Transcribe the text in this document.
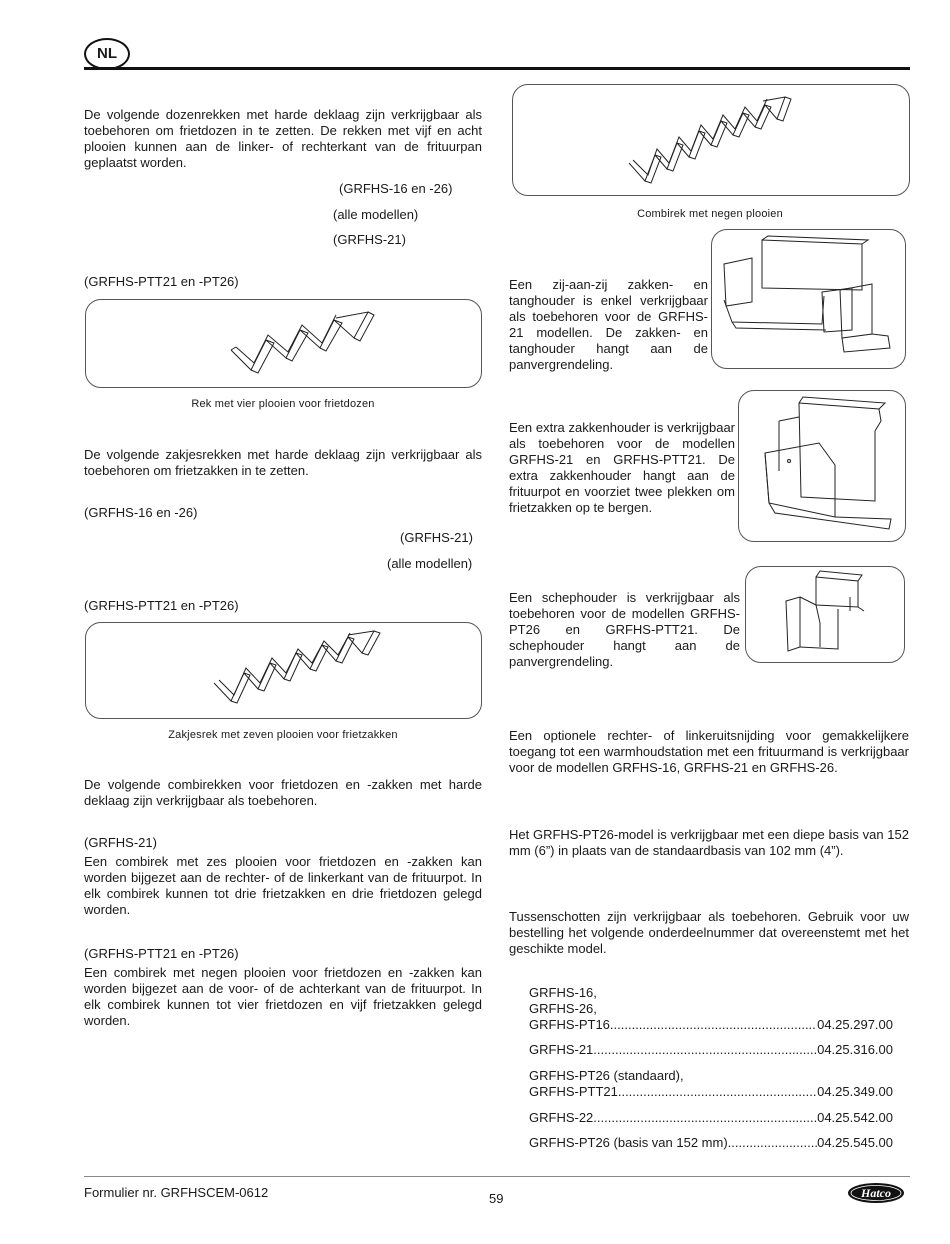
NL
De volgende dozenrekken met harde deklaag zijn verkrijgbaar als toebehoren om frietdozen in te zetten. De rekken met vijf en acht plooien kunnen aan de linker- of rechterkant van de frituurpan geplaatst worden.
(GRFHS-16 en -26)
(alle modellen)
(GRFHS-21)
(GRFHS-PTT21 en -PT26)
Rek met vier plooien voor frietdozen
De volgende zakjesrekken met harde deklaag zijn verkrijgbaar als toebehoren om frietzakken in te zetten.
(GRFHS-16 en -26)
(GRFHS-21)
(alle modellen)
(GRFHS-PTT21 en -PT26)
Zakjesrek met zeven plooien voor frietzakken
De volgende combirekken voor frietdozen en -zakken met harde deklaag zijn verkrijgbaar als toebehoren.
(GRFHS-21)
Een combirek met zes plooien voor frietdozen en -zakken kan worden bijgezet aan de rechter- of de linkerkant van de frituurpot. In elk combirek kunnen tot drie frietzakken en drie frietdozen gelegd worden.
(GRFHS-PTT21 en -PT26)
Een combirek met negen plooien voor frietdozen en -zakken kan worden bijgezet aan de voor- of de achterkant van de frituurpot. In elk combirek kunnen tot vier frietdozen en vijf frietzakken gelegd worden.
Combirek met negen plooien
Een zij-aan-zij zakken- en tanghouder is enkel verkrijgbaar als toebehoren voor de GRFHS-21 modellen. De zakken- en tanghouder hangt aan de panvergrendeling.
Een extra zakkenhouder is verkrijgbaar als toebehoren voor de modellen GRFHS-21 en GRFHS-PTT21. De extra zakkenhouder hangt aan de frituurpot en voorziet twee plekken om frietzakken op te bergen.
Een schephouder is verkrijgbaar als toebehoren voor de modellen GRFHS-PT26 en GRFHS-PTT21. De schephouder hangt aan de panvergrendeling.
Een optionele rechter- of linkeruitsnijding voor gemakkelijkere toegang tot een warmhoudstation met een frituurmand is verkrijgbaar voor de modellen GRFHS-16, GRFHS-21 en GRFHS-26.
Het GRFHS-PT26-model is verkrijgbaar met een diepe basis van 152 mm (6”) in plaats van de standaardbasis van 102 mm (4”).
Tussenschotten zijn verkrijgbaar als toebehoren. Gebruik voor uw bestelling het volgende onderdeelnummer dat overeenstemt met het geschikte model.
GRFHS-16,
GRFHS-26,
GRFHS-PT16 .....	04.25.297.00
GRFHS-21 .....	04.25.316.00
GRFHS-PT26 (standaard),
GRFHS-PTT21 .....	04.25.349.00
GRFHS-22 .....	04.25.542.00
GRFHS-PT26 (basis van 152 mm) .....	04.25.545.00
Formulier nr. GRFHSCEM-0612	59	Hatco
